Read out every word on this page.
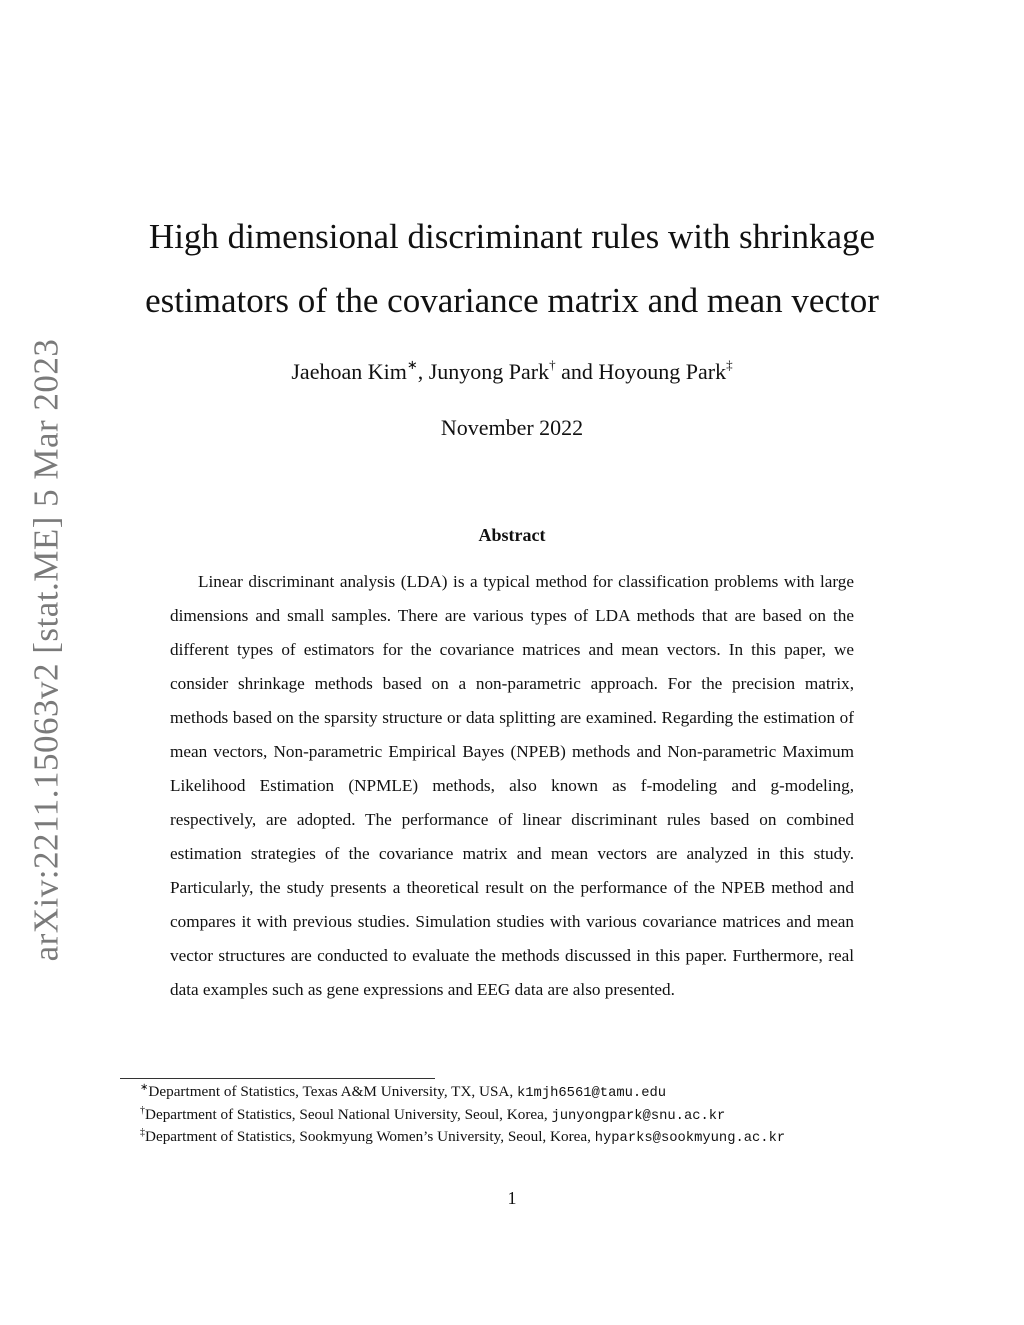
arXiv:2211.15063v2 [stat.ME] 5 Mar 2023
High dimensional discriminant rules with shrinkage
estimators of the covariance matrix and mean vector
Jaehoan Kim∗, Junyong Park† and Hoyoung Park‡
November 2022
Abstract

Linear discriminant analysis (LDA) is a typical method for classification problems with large dimensions and small samples. There are various types of LDA methods that are based on the different types of estimators for the covariance matrices and mean vectors. In this paper, we consider shrinkage methods based on a non-parametric approach. For the precision matrix, methods based on the sparsity structure or data splitting are examined. Regarding the estimation of mean vectors, Non-parametric Empirical Bayes (NPEB) methods and Non-parametric Maximum Likelihood Estimation (NPMLE) methods, also known as f-modeling and g-modeling, respectively, are adopted. The performance of linear discriminant rules based on combined estimation strategies of the covariance matrix and mean vectors are analyzed in this study. Particularly, the study presents a theoretical result on the performance of the NPEB method and compares it with previous studies. Simulation studies with various covariance matrices and mean vector structures are conducted to evaluate the methods discussed in this paper. Furthermore, real data examples such as gene expressions and EEG data are also presented.

∗Department of Statistics, Texas A&M University, TX, USA, k1mjh6561@tamu.edu
†Department of Statistics, Seoul National University, Seoul, Korea, junyongpark@snu.ac.kr
‡Department of Statistics, Sookmyung Women’s University, Seoul, Korea, hyparks@sookmyung.ac.kr
1
